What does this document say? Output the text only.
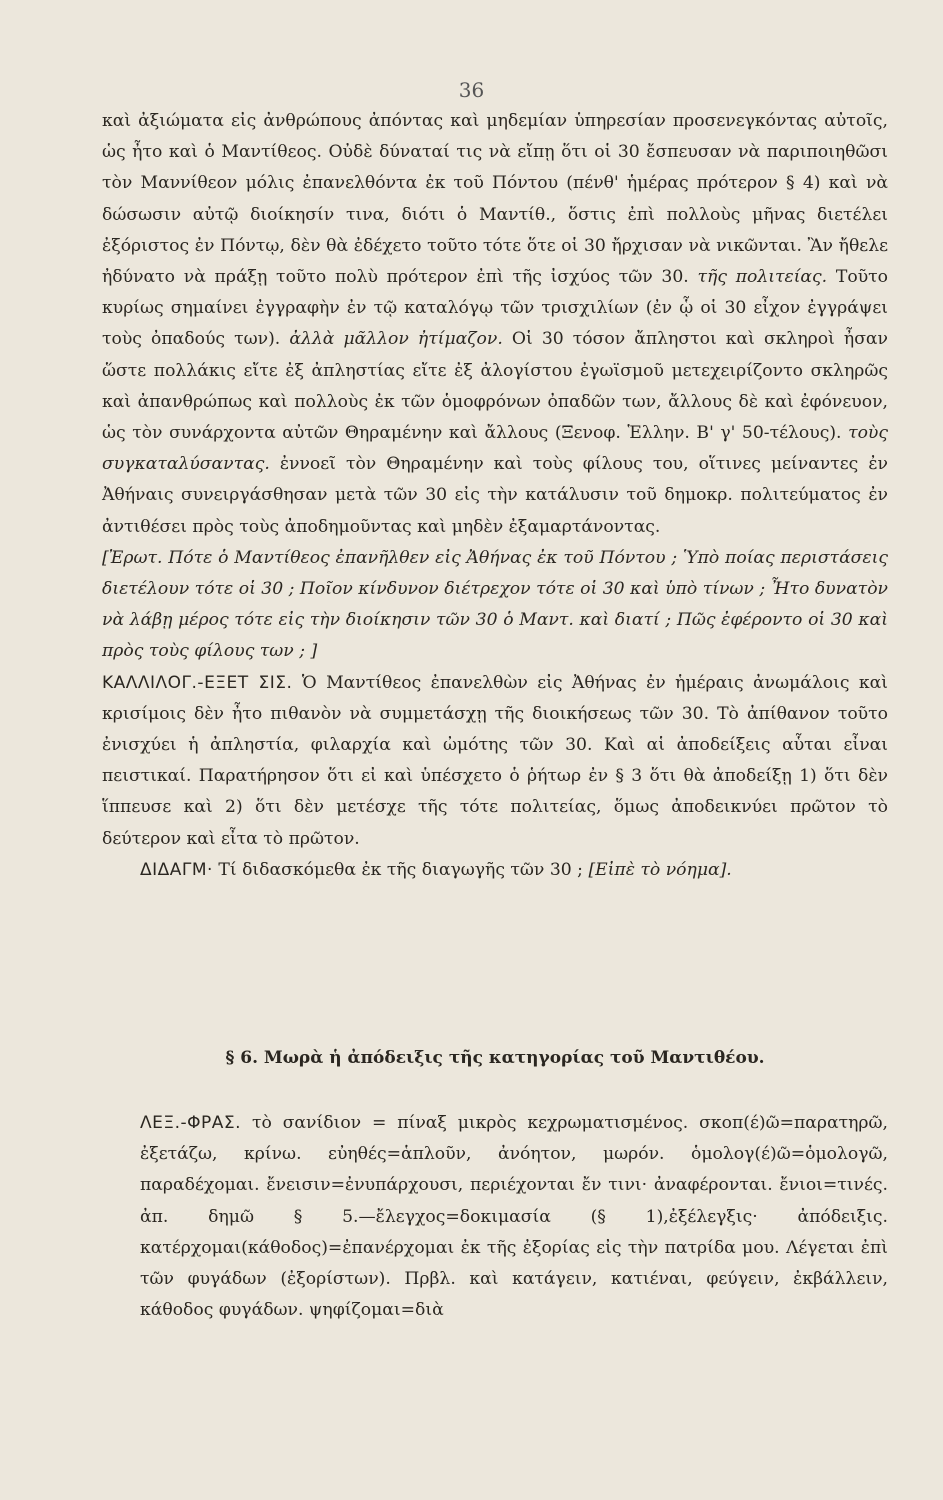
36

καὶ ἀξιώματα εἰς ἀνθρώπους ἀπόντας καὶ μηδεμίαν ὑπηρεσίαν προσενεγκόντας αὐτοῖς, ὡς ἦτο καὶ ὁ Μαντίθεος. Οὐδὲ δύναταί τις νὰ εἴπῃ ὅτι οἱ 30 ἔσπευσαν νὰ παριποιηθῶσι τὸν Μαννίθεον μόλις ἐπανελθόντα ἐκ τοῦ Πόντου (πένθ' ἡμέρας πρότερον § 4) καὶ νὰ δώσωσιν αὐτῷ διοίκησίν τινα, διότι ὁ Μαντίθ., ὅστις ἐπὶ πολλοὺς μῆνας διετέλει ἐξόριστος ἐν Πόντῳ, δὲν θὰ ἐδέχετο τοῦτο τότε ὅτε οἱ 30 ἤρχισαν νὰ νικῶνται. Ἂν ἤθελε ἠδύνατο νὰ πράξῃ τοῦτο πολὺ πρότερον ἐπὶ τῆς ἰσχύος τῶν 30. τῆς πολιτείας. Τοῦτο κυρίως σημαίνει ἐγγραφὴν ἐν τῷ καταλόγῳ τῶν τρισχιλίων (ἐν ᾧ οἱ 30 εἶχον ἐγγράψει τοὺς ὀπαδούς των). ἀλλὰ μᾶλλον ἠτίμαζον. Οἱ 30 τόσον ἄπληστοι καὶ σκληροὶ ἦσαν ὥστε πολλάκις εἴτε ἐξ ἀπληστίας εἴτε ἐξ ἀλογίστου ἐγωϊσμοῦ μετεχειρίζοντο σκληρῶς καὶ ἀπανθρώπως καὶ πολλοὺς ἐκ τῶν ὁμοφρόνων ὀπαδῶν των, ἄλλους δὲ καὶ ἐφόνευον, ὡς τὸν συνάρχοντα αὐτῶν Θηραμένην καὶ ἄλλους (Ξενοφ. Ἑλλην. Β' γ' 50-τέλους). τοὺς συγκαταλύσαντας. ἐννοεῖ τὸν Θηραμένην καὶ τοὺς φίλους του, οἵτινες μείναντες ἐν Ἀθήναις συνειργάσθησαν μετὰ τῶν 30 εἰς τὴν κατάλυσιν τοῦ δημοκρ. πολιτεύματος ἐν ἀντιθέσει πρὸς τοὺς ἀποδημοῦντας καὶ μηδὲν ἐξαμαρτάνοντας.

[Ἐρωτ. Πότε ὁ Μαντίθεος ἐπανῆλθεν εἰς Ἀθήνας ἐκ τοῦ Πόντου ; Ὑπὸ ποίας περιστάσεις διετέλουν τότε οἱ 30 ; Ποῖον κίνδυνον διέτρεχον τότε οἱ 30 καὶ ὑπὸ τίνων ; Ἦτο δυνατὸν νὰ λάβῃ μέρος τότε εἰς τὴν διοίκησιν τῶν 30 ὁ Μαντ. καὶ διατί ; Πῶς ἐφέροντο οἱ 30 καὶ πρὸς τοὺς φίλους των ; ]

ΚΑΛΛΙΛΟΓ.-ΕΞΕΤ ΣΙΣ. Ὁ Μαντίθεος ἐπανελθὼν εἰς Ἀθήνας ἐν ἡμέραις ἀνωμάλοις καὶ κρισίμοις δὲν ἦτο πιθανὸν νὰ συμμετάσχῃ τῆς διοικήσεως τῶν 30. Τὸ ἀπίθανον τοῦτο ἐνισχύει ἡ ἀπληστία, φιλαρχία καὶ ὠμότης τῶν 30. Καὶ αἱ ἀποδείξεις αὗται εἶναι πειστικαί. Παρατήρησον ὅτι εἰ καὶ ὑπέσχετο ὁ ῥήτωρ ἐν § 3 ὅτι θὰ ἀποδείξῃ 1) ὅτι δὲν ἵππευσε καὶ 2) ὅτι δὲν μετέσχε τῆς τότε πολιτείας, ὅμως ἀποδεικνύει πρῶτον τὸ δεύτερον καὶ εἶτα τὸ πρῶτον.

ΔΙΔΑΓΜ· Τί διδασκόμεθα ἐκ τῆς διαγωγῆς τῶν 30 ; [Εἰπὲ τὸ νόημα].

§ 6. Μωρὰ ἡ ἀπόδειξις τῆς κατηγορίας τοῦ Μαντιθέου.

ΛΕΞ.-ΦΡΑΣ. τὸ σανίδιον = πίναξ μικρὸς κεχρωματισμένος. σκοπ(έ)ῶ=παρατηρῶ, ἐξετάζω, κρίνω. εὐηθές=ἁπλοῦν, ἀνόητον, μωρόν. ὁμολογ(έ)ῶ=ὁμολογῶ, παραδέχομαι. ἔνεισιν=ἐνυπάρχουσι, περιέχονται ἔν τινι· ἀναφέρονται. ἔνιοι=τινές. ἀπ. δημῶ § 5.—ἔλεγχος=δοκιμασία (§ 1),ἐξέλεγξις· ἀπόδειξις. κατέρχομαι(κάθοδος)=ἐπανέρχομαι ἐκ τῆς ἐξορίας εἰς τὴν πατρίδα μου. Λέγεται ἐπὶ τῶν φυγάδων (ἐξορίστων). Πρβλ. καὶ κατάγειν, κατιέναι, φεύγειν, ἐκβάλλειν, κάθοδος φυγάδων. ψηφίζομαι=διὰ
